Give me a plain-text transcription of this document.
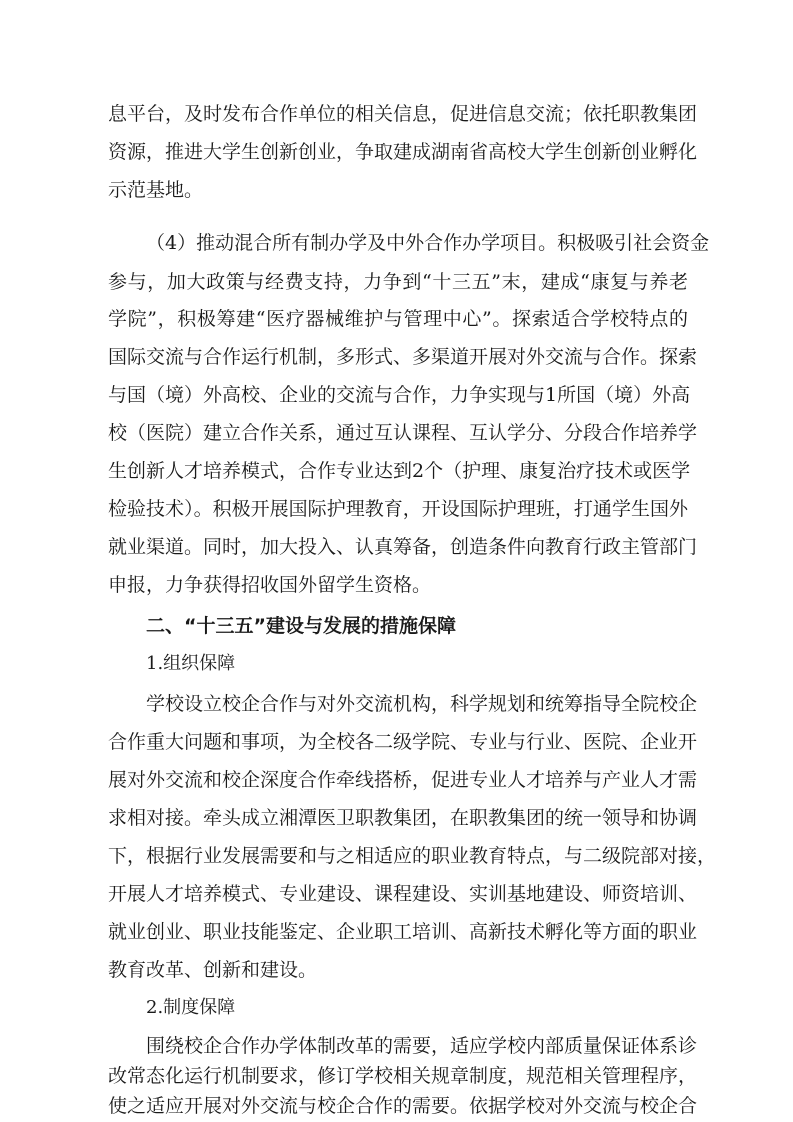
息平台，及时发布合作单位的相关信息，促进信息交流；依托职教集团
资源，推进大学生创新创业，争取建成湖南省高校大学生创新创业孵化
示范基地。
（4）推动混合所有制办学及中外合作办学项目。积极吸引社会资金
参与，加大政策与经费支持，力争到“十三五”末，建成“康复与养老
学院”，积极筹建“医疗器械维护与管理中心”。探索适合学校特点的
国际交流与合作运行机制，多形式、多渠道开展对外交流与合作。探索
与国（境）外高校、企业的交流与合作，力争实现与1所国（境）外高
校（医院）建立合作关系，通过互认课程、互认学分、分段合作培养学
生创新人才培养模式，合作专业达到2个（护理、康复治疗技术或医学
检验技术）。积极开展国际护理教育，开设国际护理班，打通学生国外
就业渠道。同时，加大投入、认真筹备，创造条件向教育行政主管部门
申报，力争获得招收国外留学生资格。
二、“十三五”建设与发展的措施保障
1.组织保障
学校设立校企合作与对外交流机构，科学规划和统筹指导全院校企
合作重大问题和事项，为全校各二级学院、专业与行业、医院、企业开
展对外交流和校企深度合作牵线搭桥，促进专业人才培养与产业人才需
求相对接。牵头成立湘潭医卫职教集团，在职教集团的统一领导和协调
下，根据行业发展需要和与之相适应的职业教育特点，与二级院部对接，
开展人才培养模式、专业建设、课程建设、实训基地建设、师资培训、
就业创业、职业技能鉴定、企业职工培训、高新技术孵化等方面的职业
教育改革、创新和建设。
2.制度保障
围绕校企合作办学体制改革的需要，适应学校内部质量保证体系诊
改常态化运行机制要求，修订学校相关规章制度，规范相关管理程序，
使之适应开展对外交流与校企合作的需要。依据学校对外交流与校企合
